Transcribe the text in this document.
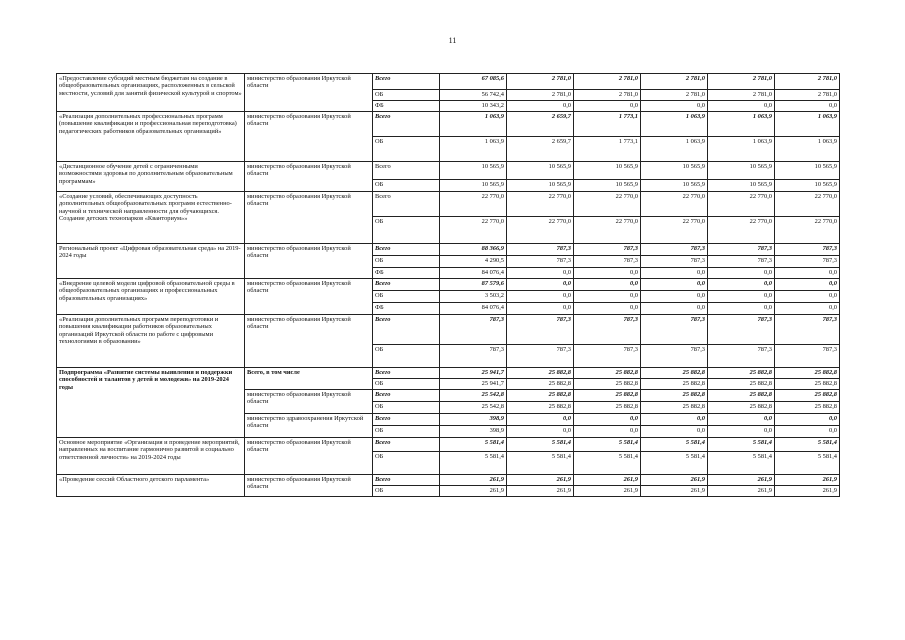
11
«Предоставление субсидий местным бюджетам на создание в общеобразовательных организациях, расположенных в сельской местности, условий для занятий физической культурой и спортом»	министерство образования Иркутской области	Всего	67 085,6	2 781,0	2 781,0	2 781,0	2 781,0	2 781,0
		ОБ	56 742,4	2 781,0	2 781,0	2 781,0	2 781,0	2 781,0
		ФБ	10 343,2	0,0	0,0	0,0	0,0	0,0
«Реализация дополнительных профессиональных программ (повышение квалификации и профессиональная переподготовка) педагогических работников образовательных организаций»	министерство образования Иркутской области	Всего	1 063,9	2 659,7	1 773,1	1 063,9	1 063,9	1 063,9
		ОБ	1 063,9	2 659,7	1 773,1	1 063,9	1 063,9	1 063,9
«Дистанционное обучение детей с ограниченными возможностями здоровья по дополнительным образовательным программам»	министерство образования Иркутской области	Всего	10 565,9	10 565,9	10 565,9	10 565,9	10 565,9	10 565,9
		ОБ	10 565,9	10 565,9	10 565,9	10 565,9	10 565,9	10 565,9
«Создание условий, обеспечивающих доступность дополнительных общеобразовательных программ естественно-научной и технической направленности для обучающихся. Создание детских технопарков «Кванториум»»	министерство образования Иркутской области	Всего	22 770,0	22 770,0	22 770,0	22 770,0	22 770,0	22 770,0
		ОБ	22 770,0	22 770,0	22 770,0	22 770,0	22 770,0	22 770,0
Региональный проект «Цифровая образовательная среда» на 2019-2024 годы	министерство образования Иркутской области	Всего	88 366,9	787,3	787,3	787,3	787,3	787,3
		ОБ	4 290,5	787,3	787,3	787,3	787,3	787,3
		ФБ	84 076,4	0,0	0,0	0,0	0,0	0,0
«Внедрение целевой модели цифровой образовательной среды в общеобразовательных организациях и профессиональных образовательных организациях»	министерство образования Иркутской области	Всего	87 579,6	0,0	0,0	0,0	0,0	0,0
		ОБ	3 503,2	0,0	0,0	0,0	0,0	0,0
		ФБ	84 076,4	0,0	0,0	0,0	0,0	0,0
«Реализация дополнительных программ переподготовки и повышения квалификации работников образовательных организаций Иркутской области по работе с цифровыми технологиями в образовании»	министерство образования Иркутской области	Всего	787,3	787,3	787,3	787,3	787,3	787,3
		ОБ	787,3	787,3	787,3	787,3	787,3	787,3
Подпрограмма «Развитие системы выявления и поддержки способностей и талантов у детей и молодежи» на 2019-2024 годы	Всего, в том числе	Всего	25 941,7	25 882,8	25 882,8	25 882,8	25 882,8	25 882,8
		ОБ	25 941,7	25 882,8	25 882,8	25 882,8	25 882,8	25 882,8
	министерство образования Иркутской области	Всего	25 542,8	25 882,8	25 882,8	25 882,8	25 882,8	25 882,8
		ОБ	25 542,8	25 882,8	25 882,8	25 882,8	25 882,8	25 882,8
	министерство здравоохранения Иркутской области	Всего	398,9	0,0	0,0	0,0	0,0	0,0
		ОБ	398,9	0,0	0,0	0,0	0,0	0,0
Основное мероприятие «Организация и проведение мероприятий, направленных на воспитание гармонично развитой и социально ответственной личности» на 2019-2024 годы	министерство образования Иркутской области	Всего	5 581,4	5 581,4	5 581,4	5 581,4	5 581,4	5 581,4
		ОБ	5 581,4	5 581,4	5 581,4	5 581,4	5 581,4	5 581,4
«Проведение сессий Областного детского парламента»	министерство образования Иркутской области	Всего	261,9	261,9	261,9	261,9	261,9	261,9
		ОБ	261,9	261,9	261,9	261,9	261,9	261,9
